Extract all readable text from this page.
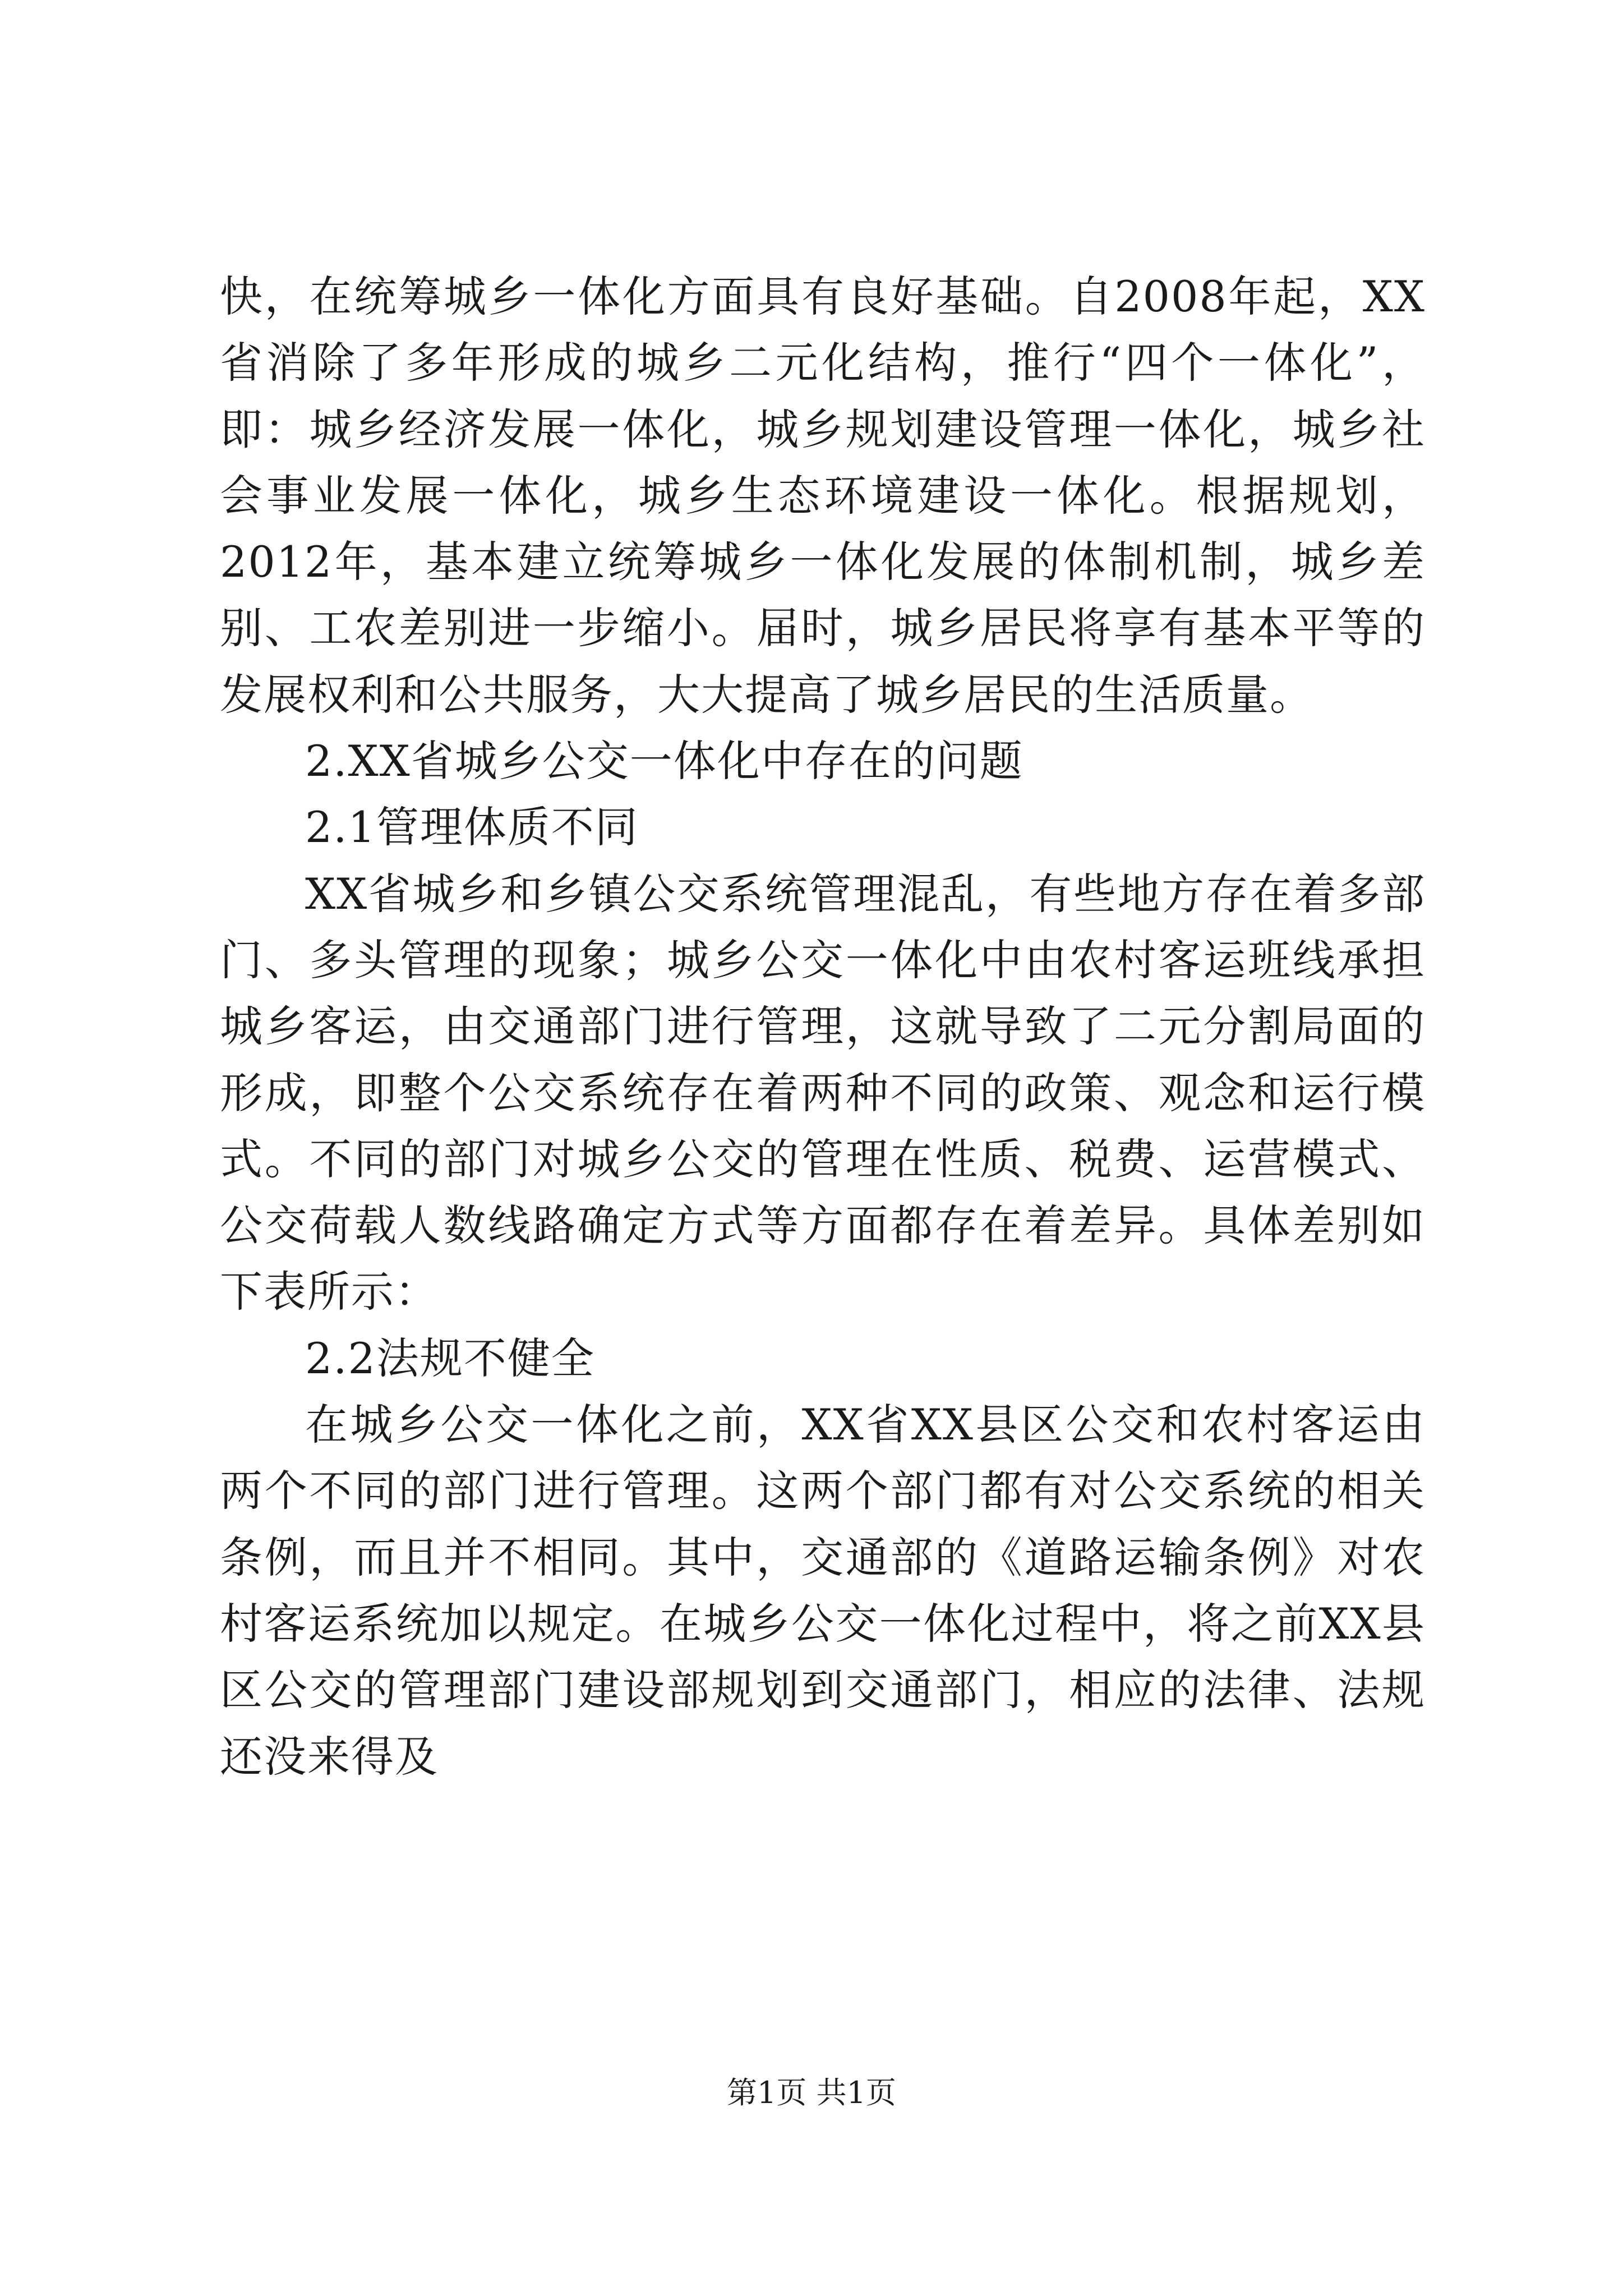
快，在统筹城乡一体化方面具有良好基础。自2008年起，XX省消除了多年形成的城乡二元化结构，推行“四个一体化”，即：城乡经济发展一体化，城乡规划建设管理一体化，城乡社会事业发展一体化，城乡生态环境建设一体化。根据规划，2012年，基本建立统筹城乡一体化发展的体制机制，城乡差别、工农差别进一步缩小。届时，城乡居民将享有基本平等的发展权利和公共服务，大大提高了城乡居民的生活质量。

2.XX省城乡公交一体化中存在的问题

2.1管理体质不同

XX省城乡和乡镇公交系统管理混乱，有些地方存在着多部门、多头管理的现象；城乡公交一体化中由农村客运班线承担城乡客运，由交通部门进行管理，这就导致了二元分割局面的形成，即整个公交系统存在着两种不同的政策、观念和运行模式。不同的部门对城乡公交的管理在性质、税费、运营模式、公交荷载人数线路确定方式等方面都存在着差异。具体差别如下表所示：

2.2法规不健全

在城乡公交一体化之前，XX省XX县区公交和农村客运由两个不同的部门进行管理。这两个部门都有对公交系统的相关条例，而且并不相同。其中，交通部的《道路运输条例》对农村客运系统加以规定。在城乡公交一体化过程中，将之前XX县区公交的管理部门建设部规划到交通部门，相应的法律、法规还没来得及

第1页 共1页
